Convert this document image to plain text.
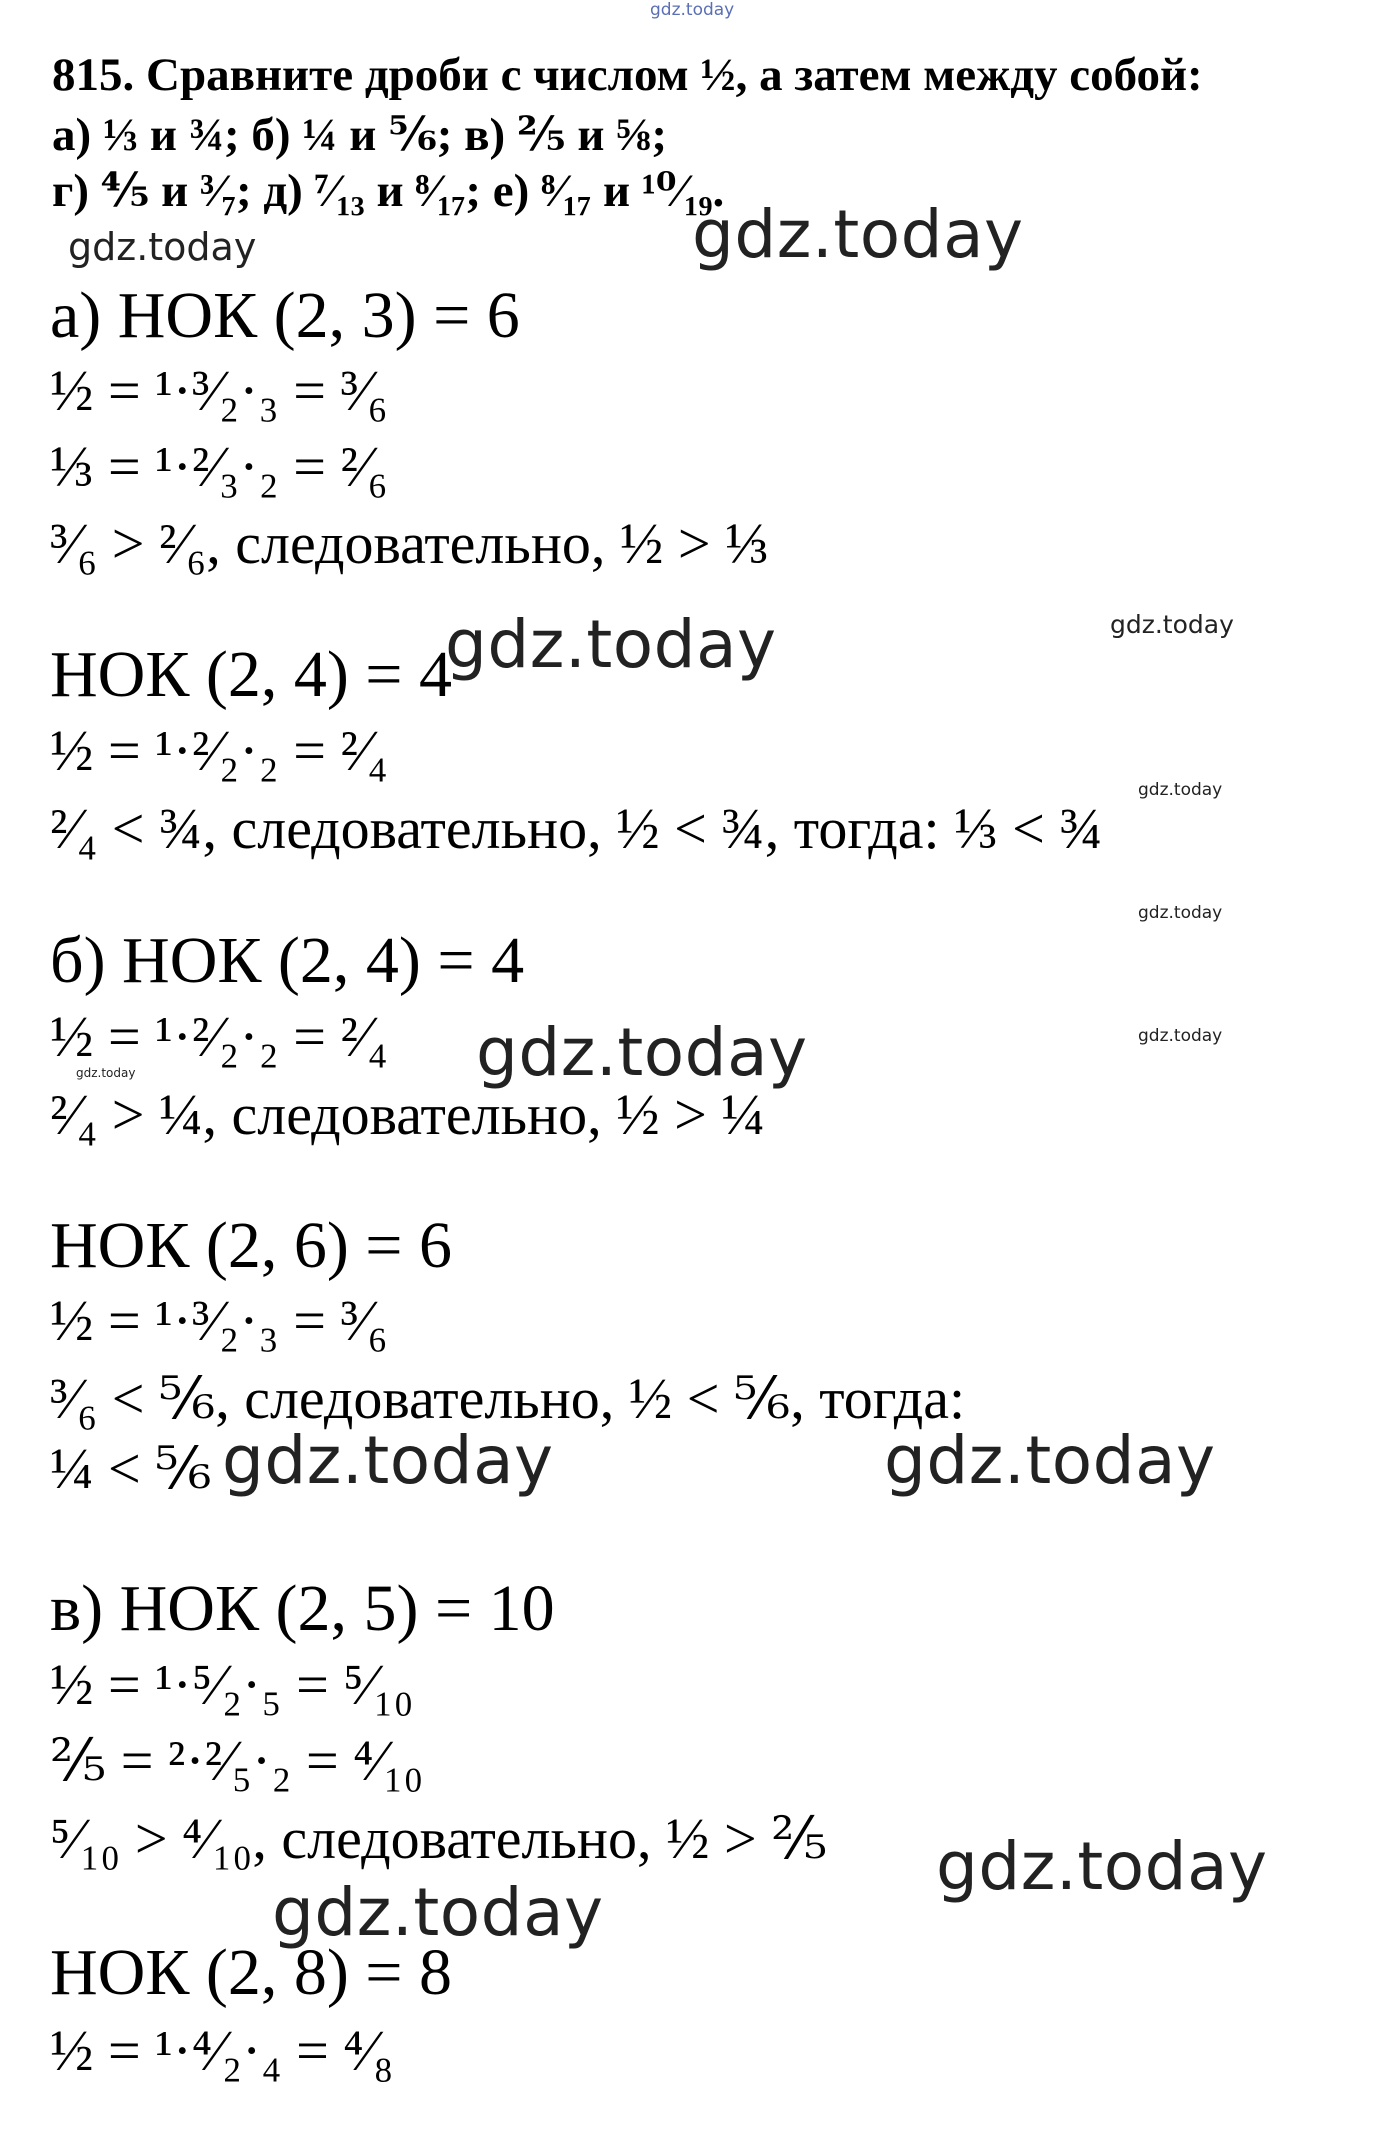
gdz.today
gdz.today	gdz.today
gdz.today	gdz.today
gdz.today
gdz.today
gdz.today
gdz.today	gdz.today
gdz.today	gdz.today
gdz.today
gdz.today
815. Сравните дроби с числом ½, а затем между собой:
а) ⅓ и ¾; б) ¼ и ⅚; в) ⅖ и ⅝;
г) ⅘ и ³⁄₇; д) ⁷⁄₁₃ и ⁸⁄₁₇; е) ⁸⁄₁₇ и ¹⁰⁄₁₉.
а) НОК (2, 3) = 6
½ = ¹·³⁄₂·₃ = ³⁄₆
⅓ = ¹·²⁄₃·₂ = ²⁄₆
³⁄₆ > ²⁄₆, следовательно, ½ > ⅓
НОК (2, 4) = 4
½ = ¹·²⁄₂·₂ = ²⁄₄
²⁄₄ < ¾, следовательно, ½ < ¾, тогда: ⅓ < ¾
б) НОК (2, 4) = 4
½ = ¹·²⁄₂·₂ = ²⁄₄
²⁄₄ > ¼, следовательно, ½ > ¼
НОК (2, 6) = 6
½ = ¹·³⁄₂·₃ = ³⁄₆
³⁄₆ < ⅚, следовательно, ½ < ⅚, тогда:
¼ < ⅚
в) НОК (2, 5) = 10
½ = ¹·⁵⁄₂·₅ = ⁵⁄₁₀
⅖ = ²·²⁄₅·₂ = ⁴⁄₁₀
⁵⁄₁₀ > ⁴⁄₁₀, следовательно, ½ > ⅖
НОК (2, 8) = 8
½ = ¹·⁴⁄₂·₄ = ⁴⁄₈
